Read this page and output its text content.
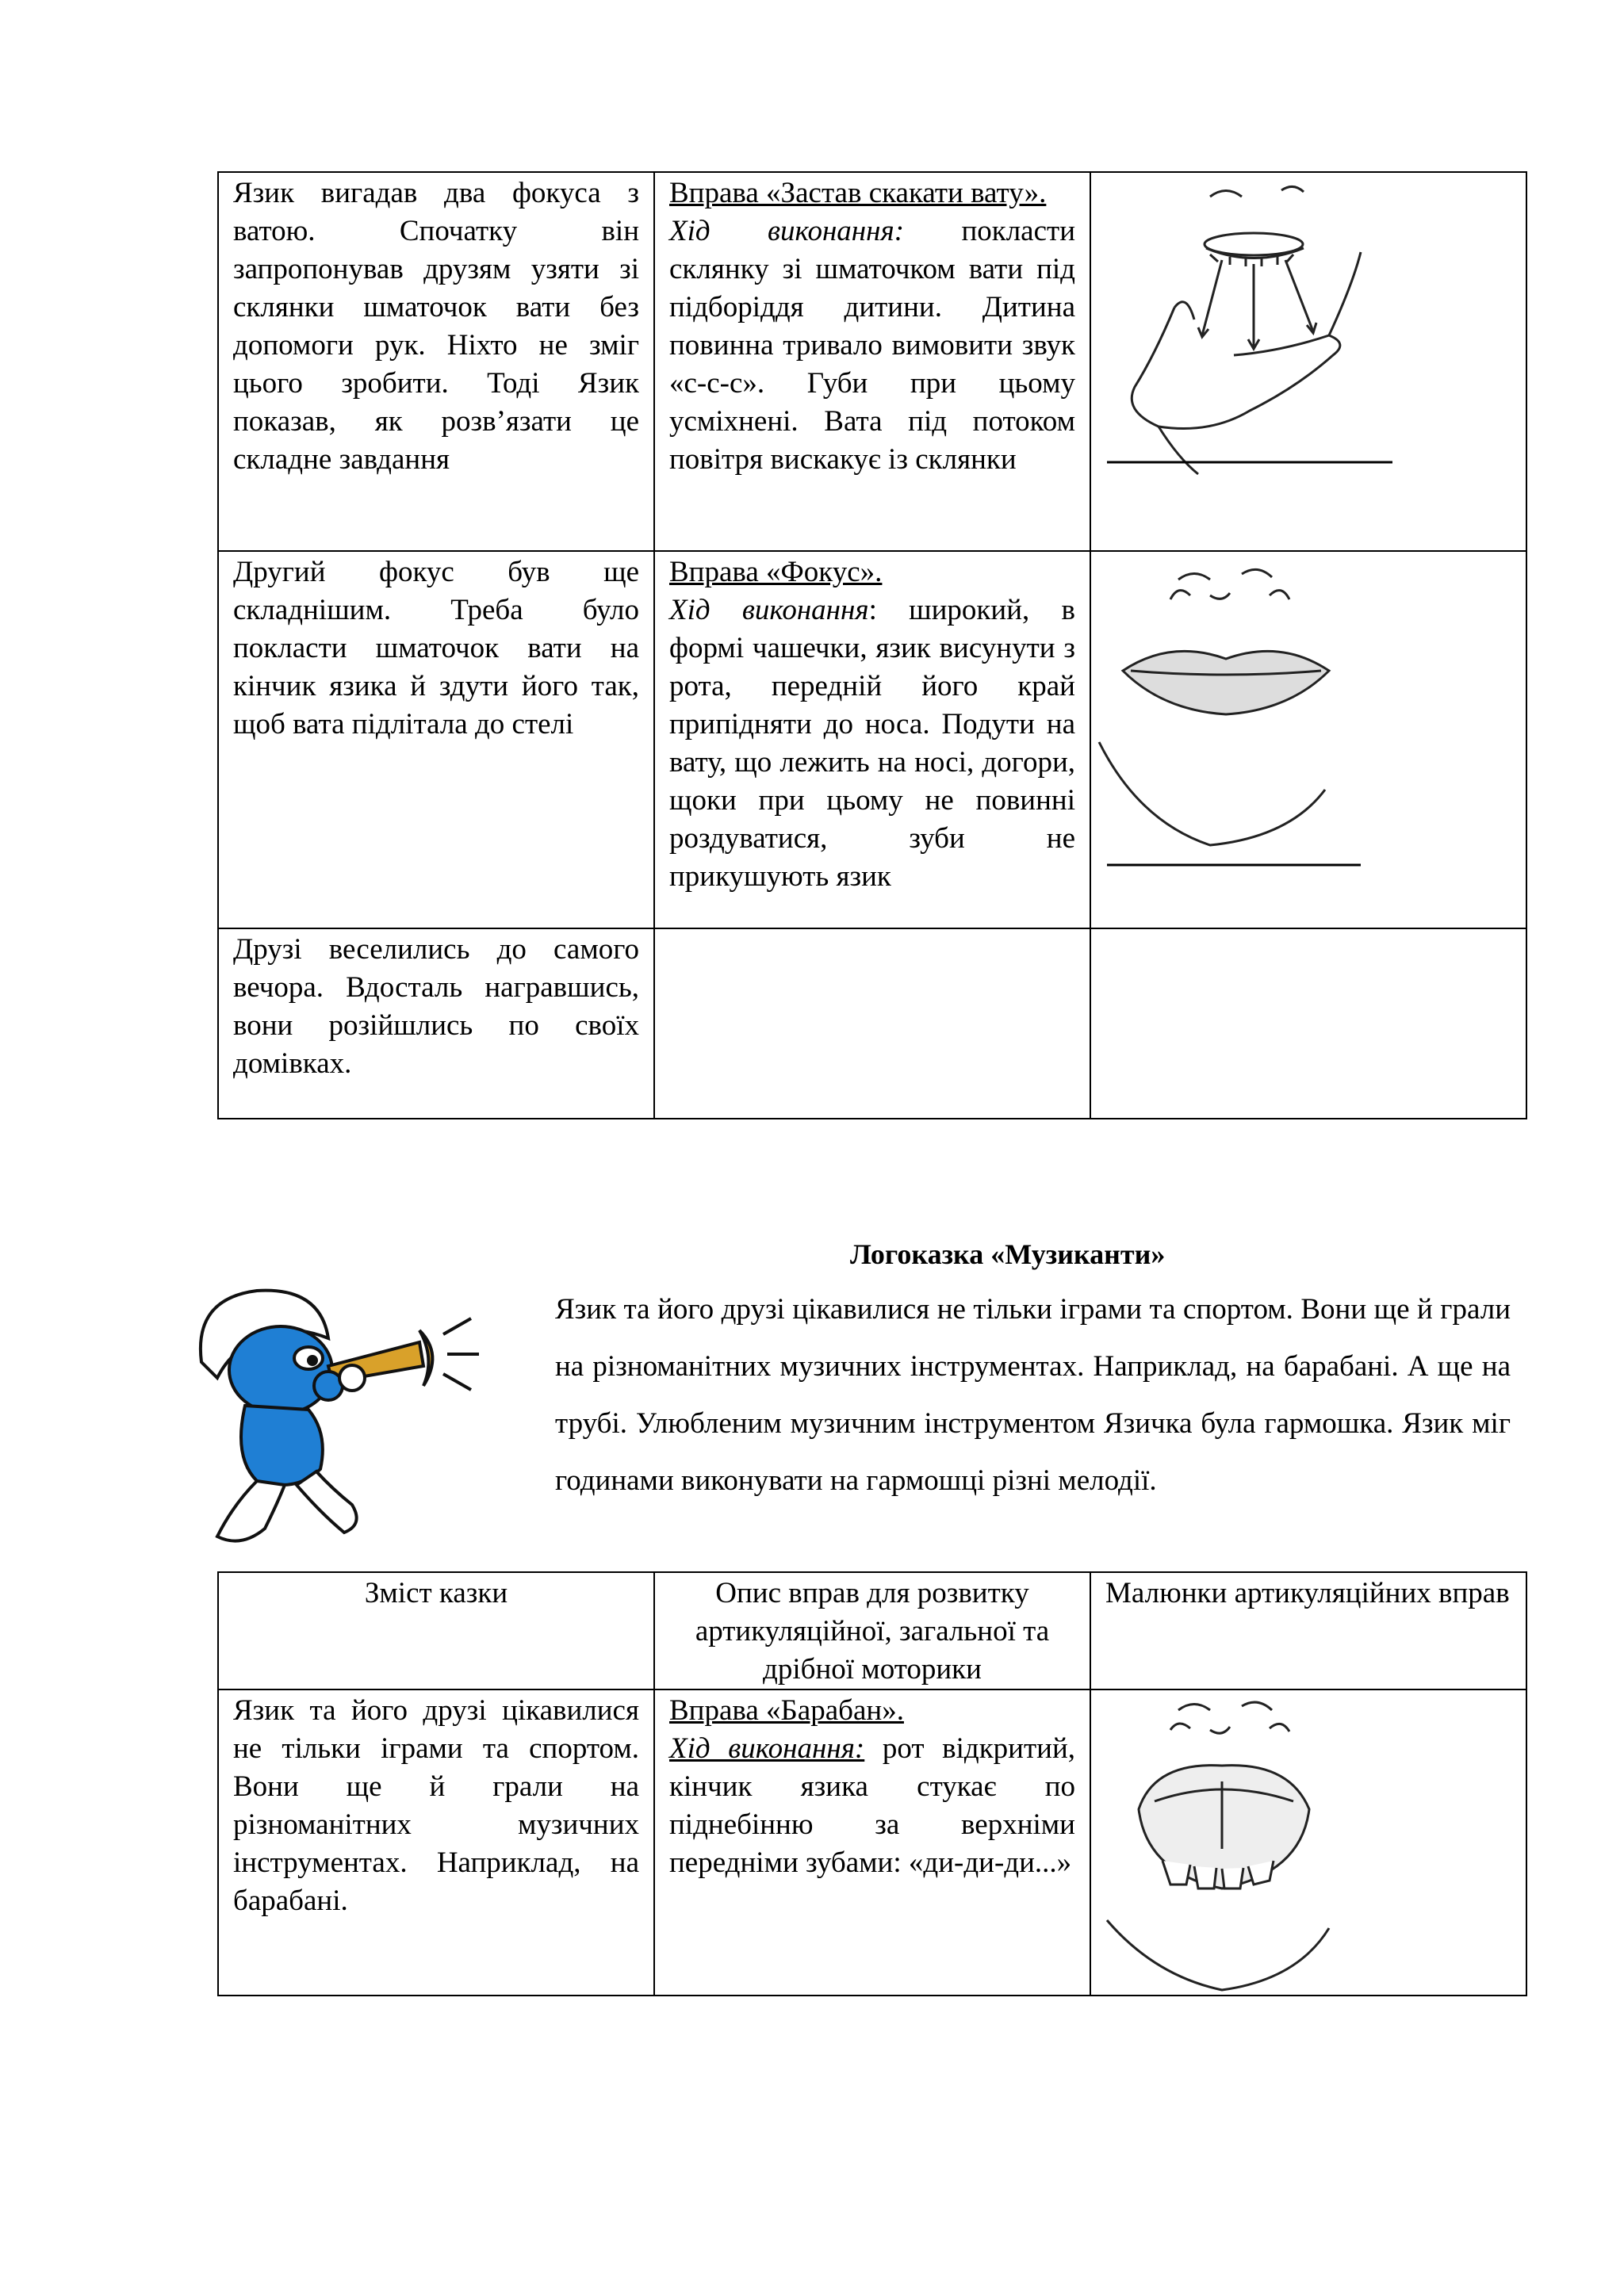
Язик вигадав два фокуса з ватою. Спочатку він запропонував друзям узяти зі склянки шматочок вати без допомоги рук. Ніхто не зміг цього зробити. Тоді Язик показав, як розв’язати це складне завдання	Вправа «Застав скакати вату».
Хід виконання: покласти склянку зі шматочком вати під підборіддя дитини. Дитина повинна тривало вимовити звук «с-с-с». Губи при цьому усміхнені. Вата під потоком повітря вискакує із склянки	

Другий фокус був ще складнішим. Треба було покласти шматочок вати на кінчик язика й здути його так, щоб вата підлітала до стелі	Вправа «Фокус».
Хід виконання: широкий, в формі чашечки, язик висунути з рота, передній його край припідняти до носа. Подути на вату, що лежить на носі, догори, щоки при цьому не повинні роздуватися, зуби не прикушують язик	

Друзі веселились до самого вечора. Вдосталь награвшись, вони розійшлись по своїх домівках.		
Логоказка «Музиканти»
Язик та його друзі цікавилися не тільки іграми та спортом. Вони ще й грали на різноманітних музичних інструментах. Наприклад, на барабані. А ще на трубі. Улюбленим музичним інструментом Язичка була гармошка. Язик міг годинами виконувати на гармошці різні мелодії.
Зміст казки	Опис вправ для розвитку артикуляційної, загальної та дрібної моторики	Малюнки артикуляційних вправ
Язик та його друзі цікавилися не тільки іграми та спортом. Вони ще й грали на різноманітних музичних інструментах. Наприклад, на барабані.	Вправа «Барабан».
Хід виконання: рот відкритий, кінчик язика стукає по піднебінню за верхніми передніми зубами: «ди-ди-ди...»	
